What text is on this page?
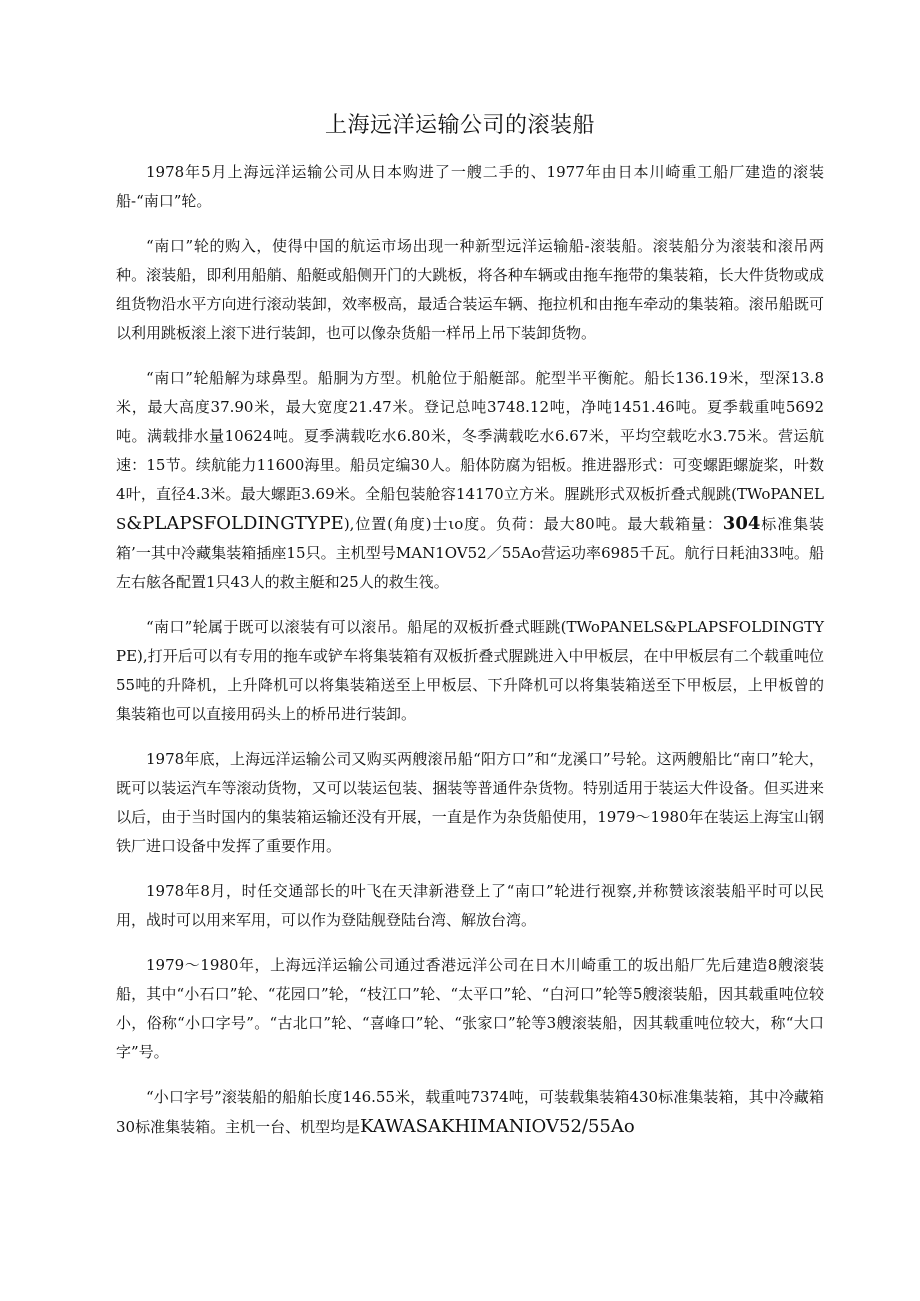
上海远洋运输公司的滚装船

1978年5月上海远洋运输公司从日本购进了一艘二手的、1977年由日本川崎重工船厂建造的滚装船-“南口”轮。

“南口”轮的购入，使得中国的航运市场出现一种新型远洋运输船-滚装船。滚装船分为滚装和滚吊两种。滚装船，即利用船艄、船艇或船侧开门的大跳板，将各种车辆或由拖车拖带的集装箱，长大件货物或成组货物沿水平方向进行滚动装卸，效率极高，最适合装运车辆、拖拉机和由拖车牵动的集装箱。滚吊船既可以利用跳板滚上滚下进行装卸，也可以像杂货船一样吊上吊下装卸货物。

“南口”轮船解为球鼻型。船胴为方型。机舱位于船艇部。舵型半平衡舵。船长136.19米，型深13.8米，最大高度37.90米，最大宽度21.47米。登记总吨3748.12吨，净吨1451.46吨。夏季载重吨5692吨。满载排水量10624吨。夏季满载吃水6.80米，冬季满载吃水6.67米，平均空载吃水3.75米。营运航速：15节。续航能力11600海里。船员定编30人。船体防腐为铝板。推进器形式：可变螺距螺旋桨，叶数4叶，直径4.3米。最大螺距3.69米。全船包装舱容14170立方米。腥跳形式双板折叠式舰跳(TWoPANELS&PLAPSFOLDINGTYPE),位置(角度)士ιo度。负荷：最大80吨。最大载箱量：304标准集装箱’一其中冷藏集装箱插座15只。主机型号MAN1OV52／55Ao营运功率6985千瓦。航行日耗油33吨。船左右舷各配置1只43人的救主艇和25人的救生筏。

“南口”轮属于既可以滚装有可以滚吊。船尾的双板折叠式睚跳(TWoPANELS&PLAPSFOLDINGTYPE),打开后可以有专用的拖车或铲车将集装箱有双板折叠式腥跳进入中甲板层，在中甲板层有二个载重吨位55吨的升降机，上升降机可以将集装箱送至上甲板层、下升降机可以将集装箱送至下甲板层，上甲板曾的集装箱也可以直接用码头上的桥吊进行装卸。

1978年底，上海远洋运输公司又购买两艘滚吊船“阳方口”和“龙溪口”号轮。这两艘船比“南口”轮大，既可以装运汽车等滚动货物，又可以装运包装、捆装等普通件杂货物。特别适用于装运大件设备。但买进来以后，由于当时国内的集装箱运输还没有开展，一直是作为杂货船使用，1979～1980年在装运上海宝山钢铁厂进口设备中发挥了重要作用。

1978年8月，时任交通部长的叶飞在天津新港登上了“南口”轮进行视察,并称赞该滚装船平时可以民用，战时可以用来军用，可以作为登陆舰登陆台湾、解放台湾。

1979～1980年，上海远洋运输公司通过香港远洋公司在日木川崎重工的坂出船厂先后建造8艘滚装船，其中“小石口”轮、“花园口”轮，“枝江口”轮、“太平口”轮、“白河口”轮等5艘滚装船，因其载重吨位较小，俗称“小口字号”。“古北口”轮、“喜峰口”轮、“张家口”轮等3艘滚装船，因其载重吨位较大，称“大口字”号。

“小口字号”滚装船的船舶长度146.55米，载重吨7374吨，可装载集装箱430标准集装箱，其中冷藏箱30标准集装箱。主机一台、机型均是KAWASAKHIMANIOV52∕55Ao
